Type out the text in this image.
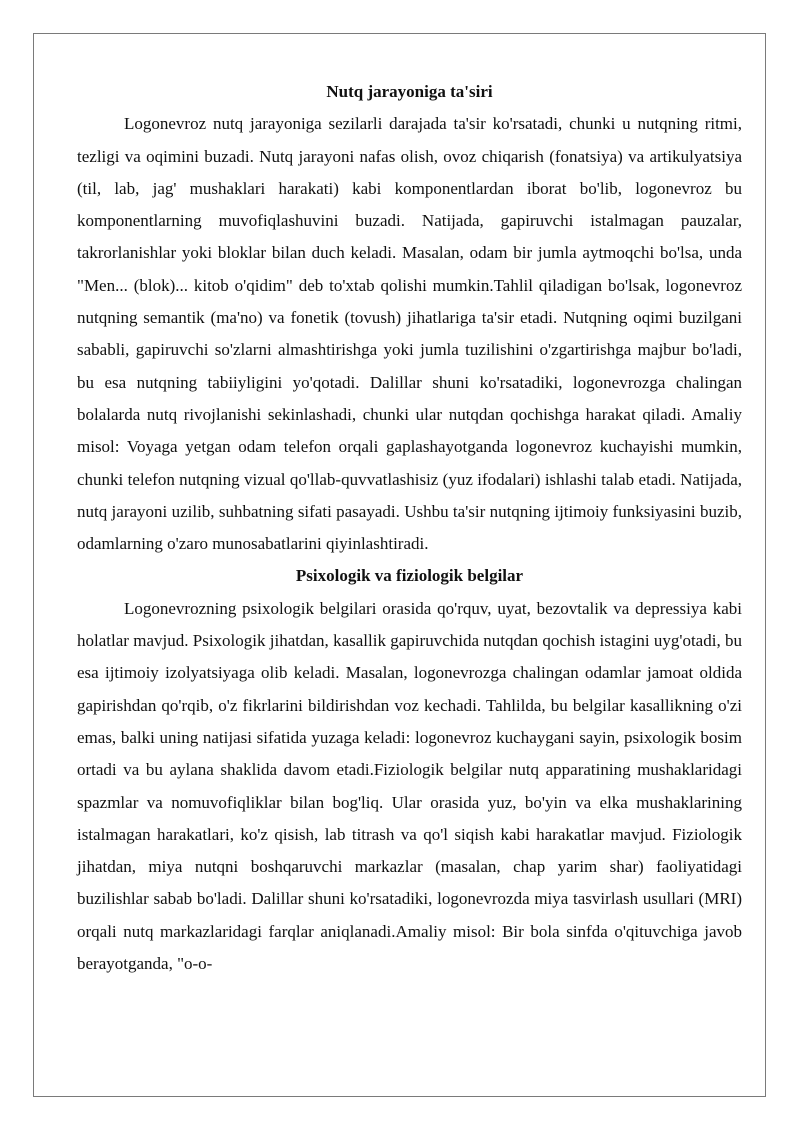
Nutq jarayoniga ta'siri

Logonevroz nutq jarayoniga sezilarli darajada ta'sir ko'rsatadi, chunki u nutqning ritmi, tezligi va oqimini buzadi. Nutq jarayoni nafas olish, ovoz chiqarish (fonatsiya) va artikulyatsiya (til, lab, jag' mushaklari harakati) kabi komponentlardan iborat bo'lib, logonevroz bu komponentlarning muvofiqlashuvini buzadi. Natijada, gapiruvchi istalmagan pauzalar, takrorlanishlar yoki bloklar bilan duch keladi. Masalan, odam bir jumla aytmoqchi bo'lsa, unda "Men... (blok)... kitob o'qidim" deb to'xtab qolishi mumkin.Tahlil qiladigan bo'lsak, logonevroz nutqning semantik (ma'no) va fonetik (tovush) jihatlariga ta'sir etadi. Nutqning oqimi buzilgani sababli, gapiruvchi so'zlarni almashtirishga yoki jumla tuzilishini o'zgartirishga majbur bo'ladi, bu esa nutqning tabiiyligini yo'qotadi. Dalillar shuni ko'rsatadiki, logonevrozga chalingan bolalarda nutq rivojlanishi sekinlashadi, chunki ular nutqdan qochishga harakat qiladi. Amaliy misol: Voyaga yetgan odam telefon orqali gaplashayotganda logonevroz kuchayishi mumkin, chunki telefon nutqning vizual qo'llab-quvvatlashisiz (yuz ifodalari) ishlashi talab etadi. Natijada, nutq jarayoni uzilib, suhbatning sifati pasayadi. Ushbu ta'sir nutqning ijtimoiy funksiyasini buzib, odamlarning o'zaro munosabatlarini qiyinlashtiradi.

Psixologik va fiziologik belgilar

Logonevrozning psixologik belgilari orasida qo'rquv, uyat, bezovtalik va depressiya kabi holatlar mavjud. Psixologik jihatdan, kasallik gapiruvchida nutqdan qochish istagini uyg'otadi, bu esa ijtimoiy izolyatsiyaga olib keladi. Masalan, logonevrozga chalingan odamlar jamoat oldida gapirishdan qo'rqib, o'z fikrlarini bildirishdan voz kechadi. Tahlilda, bu belgilar kasallikning o'zi emas, balki uning natijasi sifatida yuzaga keladi: logonevroz kuchaygani sayin, psixologik bosim ortadi va bu aylana shaklida davom etadi.Fiziologik belgilar nutq apparatining mushaklaridagi spazmlar va nomuvofiqliklar bilan bog'liq. Ular orasida yuz, bo'yin va elka mushaklarining istalmagan harakatlari, ko'z qisish, lab titrash va qo'l siqish kabi harakatlar mavjud. Fiziologik jihatdan, miya nutqni boshqaruvchi markazlar (masalan, chap yarim shar) faoliyatidagi buzilishlar sabab bo'ladi. Dalillar shuni ko'rsatadiki, logonevrozda miya tasvirlash usullari (MRI) orqali nutq markazlaridagi farqlar aniqlanadi.Amaliy misol: Bir bola sinfda o'qituvchiga javob berayotganda, "o-o-
